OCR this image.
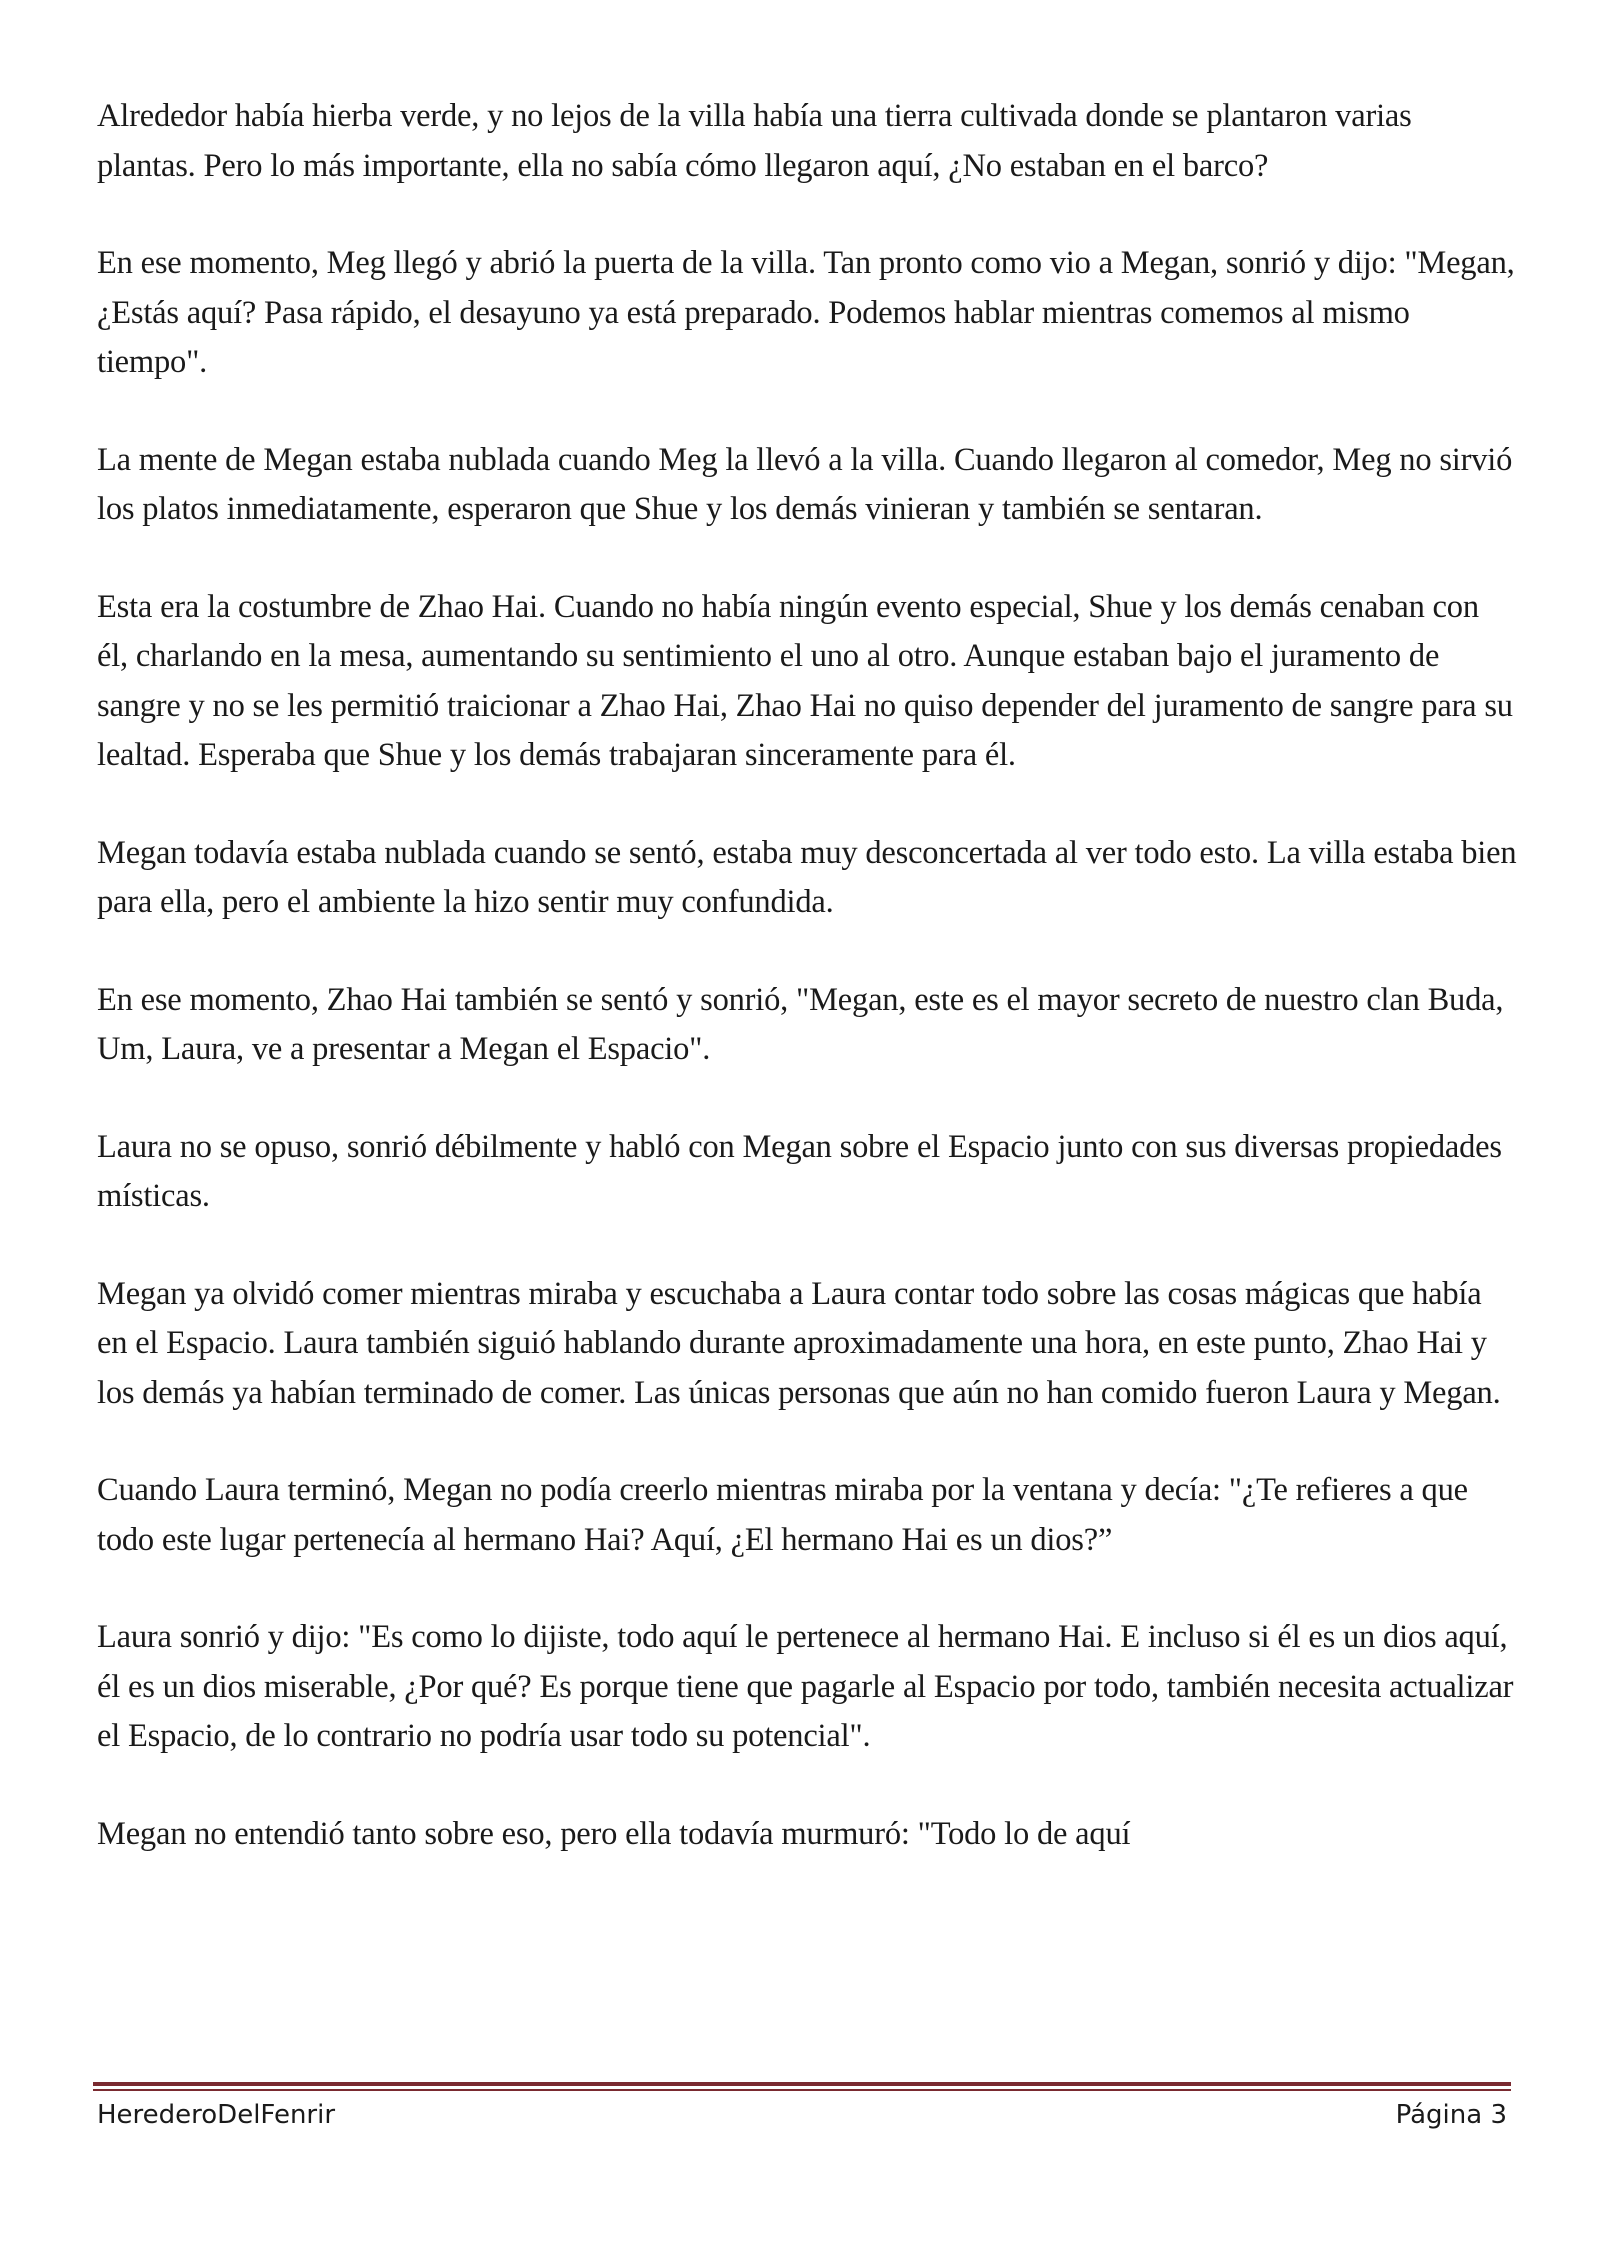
Alrededor había hierba verde, y no lejos de la villa había una tierra cultivada donde se plantaron varias plantas. Pero lo más importante, ella no sabía cómo llegaron aquí, ¿No estaban en el barco?

En ese momento, Meg llegó y abrió la puerta de la villa. Tan pronto como vio a Megan, sonrió y dijo: "Megan, ¿Estás aquí? Pasa rápido, el desayuno ya está preparado. Podemos hablar mientras comemos al mismo tiempo".

La mente de Megan estaba nublada cuando Meg la llevó a la villa. Cuando llegaron al comedor, Meg no sirvió los platos inmediatamente, esperaron que Shue y los demás vinieran y también se sentaran.

Esta era la costumbre de Zhao Hai. Cuando no había ningún evento especial, Shue y los demás cenaban con él, charlando en la mesa, aumentando su sentimiento el uno al otro. Aunque estaban bajo el juramento de sangre y no se les permitió traicionar a Zhao Hai, Zhao Hai no quiso depender del juramento de sangre para su lealtad. Esperaba que Shue y los demás trabajaran sinceramente para él.

Megan todavía estaba nublada cuando se sentó, estaba muy desconcertada al ver todo esto. La villa estaba bien para ella, pero el ambiente la hizo sentir muy confundida.

En ese momento, Zhao Hai también se sentó y sonrió, "Megan, este es el mayor secreto de nuestro clan Buda, Um, Laura, ve a presentar a Megan el Espacio".

Laura no se opuso, sonrió débilmente y habló con Megan sobre el Espacio junto con sus diversas propiedades místicas.

Megan ya olvidó comer mientras miraba y escuchaba a Laura contar todo sobre las cosas mágicas que había en el Espacio. Laura también siguió hablando durante aproximadamente una hora, en este punto, Zhao Hai y los demás ya habían terminado de comer. Las únicas personas que aún no han comido fueron Laura y Megan.

Cuando Laura terminó, Megan no podía creerlo mientras miraba por la ventana y decía: "¿Te refieres a que todo este lugar pertenecía al hermano Hai? Aquí, ¿El hermano Hai es un dios?”

Laura sonrió y dijo: "Es como lo dijiste, todo aquí le pertenece al hermano Hai. E incluso si él es un dios aquí, él es un dios miserable, ¿Por qué? Es porque tiene que pagarle al Espacio por todo, también necesita actualizar el Espacio, de lo contrario no podría usar todo su potencial".

Megan no entendió tanto sobre eso, pero ella todavía murmuró: "Todo lo de aquí

HerederoDelFenrir	Página 3
